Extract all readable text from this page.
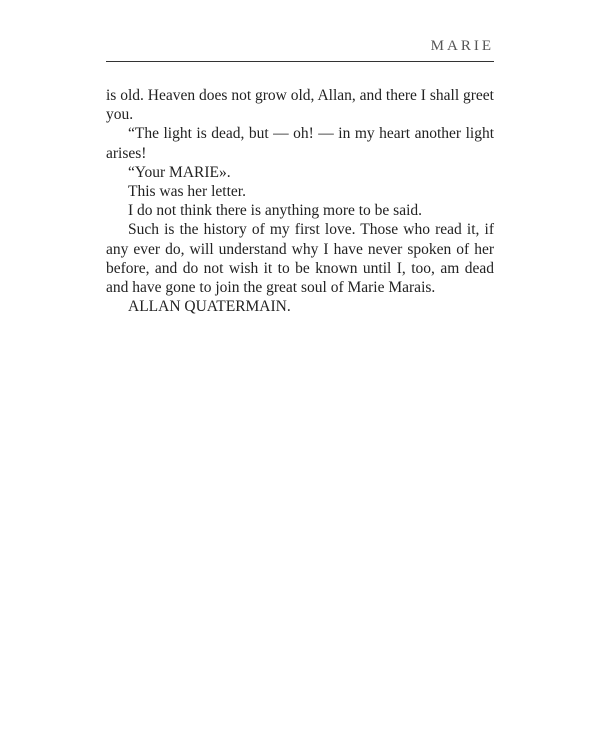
MARIE

is old. Heaven does not grow old, Allan, and there I shall greet you.

“The light is dead, but — oh! — in my heart another light arises!

“Your MARIE».

This was her letter.

I do not think there is anything more to be said.

Such is the history of my first love. Those who read it, if any ever do, will understand why I have never spoken of her before, and do not wish it to be known until I, too, am dead and have gone to join the great soul of Marie Marais.

ALLAN QUATERMAIN.
